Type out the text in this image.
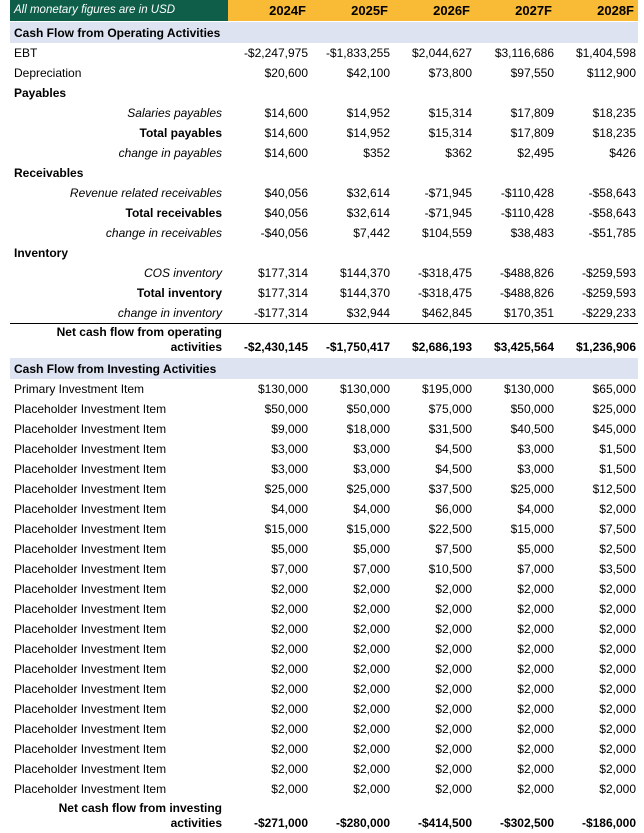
All monetary figures are in USD	2024F	2025F	2026F	2027F	2028F
Cash Flow from Operating Activities
EBT	-$2,247,975	-$1,833,255	$2,044,627	$3,116,686	$1,404,598
Depreciation	$20,600	$42,100	$73,800	$97,550	$112,900
Payables
Salaries payables	$14,600	$14,952	$15,314	$17,809	$18,235
Total payables	$14,600	$14,952	$15,314	$17,809	$18,235
change in payables	$14,600	$352	$362	$2,495	$426
Receivables
Revenue related receivables	$40,056	$32,614	-$71,945	-$110,428	-$58,643
Total receivables	$40,056	$32,614	-$71,945	-$110,428	-$58,643
change in receivables	-$40,056	$7,442	$104,559	$38,483	-$51,785
Inventory
COS inventory	$177,314	$144,370	-$318,475	-$488,826	-$259,593
Total inventory	$177,314	$144,370	-$318,475	-$488,826	-$259,593
change in inventory	-$177,314	$32,944	$462,845	$170,351	-$229,233
Net cash flow from operating
activities	-$2,430,145	-$1,750,417	$2,686,193	$3,425,564	$1,236,906
Cash Flow from Investing Activities
Primary Investment Item	$130,000	$130,000	$195,000	$130,000	$65,000
Placeholder Investment Item	$50,000	$50,000	$75,000	$50,000	$25,000
Placeholder Investment Item	$9,000	$18,000	$31,500	$40,500	$45,000
Placeholder Investment Item	$3,000	$3,000	$4,500	$3,000	$1,500
Placeholder Investment Item	$3,000	$3,000	$4,500	$3,000	$1,500
Placeholder Investment Item	$25,000	$25,000	$37,500	$25,000	$12,500
Placeholder Investment Item	$4,000	$4,000	$6,000	$4,000	$2,000
Placeholder Investment Item	$15,000	$15,000	$22,500	$15,000	$7,500
Placeholder Investment Item	$5,000	$5,000	$7,500	$5,000	$2,500
Placeholder Investment Item	$7,000	$7,000	$10,500	$7,000	$3,500
Placeholder Investment Item	$2,000	$2,000	$2,000	$2,000	$2,000
Placeholder Investment Item	$2,000	$2,000	$2,000	$2,000	$2,000
Placeholder Investment Item	$2,000	$2,000	$2,000	$2,000	$2,000
Placeholder Investment Item	$2,000	$2,000	$2,000	$2,000	$2,000
Placeholder Investment Item	$2,000	$2,000	$2,000	$2,000	$2,000
Placeholder Investment Item	$2,000	$2,000	$2,000	$2,000	$2,000
Placeholder Investment Item	$2,000	$2,000	$2,000	$2,000	$2,000
Placeholder Investment Item	$2,000	$2,000	$2,000	$2,000	$2,000
Placeholder Investment Item	$2,000	$2,000	$2,000	$2,000	$2,000
Placeholder Investment Item	$2,000	$2,000	$2,000	$2,000	$2,000
Placeholder Investment Item	$2,000	$2,000	$2,000	$2,000	$2,000
Net cash flow from investing
activities	-$271,000	-$280,000	-$414,500	-$302,500	-$186,000
